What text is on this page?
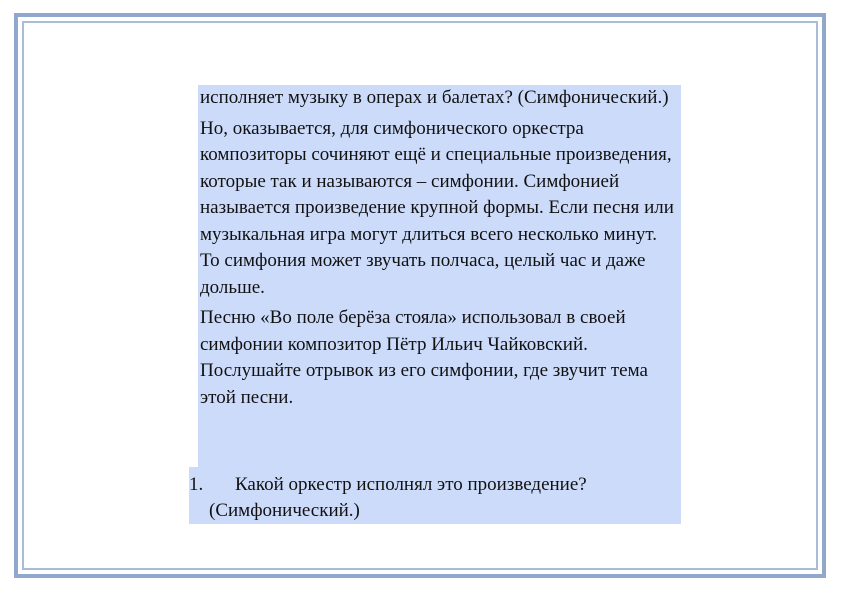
исполняет музыку в операх и балетах? (Симфонический.)

Но, оказывается, для симфонического оркестра композиторы сочиняют ещё и специальные произведения, которые так и называются – симфонии. Симфонией называется произведение крупной формы. Если песня или музыкальная игра могут длиться всего несколько минут. То симфония может звучать полчаса, целый час и даже дольше.

Песню «Во поле берёза стояла» использовал в своей симфонии композитор Пётр Ильич Чайковский. Послушайте отрывок из его симфонии, где звучит тема этой песни.

1. Какой оркестр исполнял это произведение?
(Симфонический.)
